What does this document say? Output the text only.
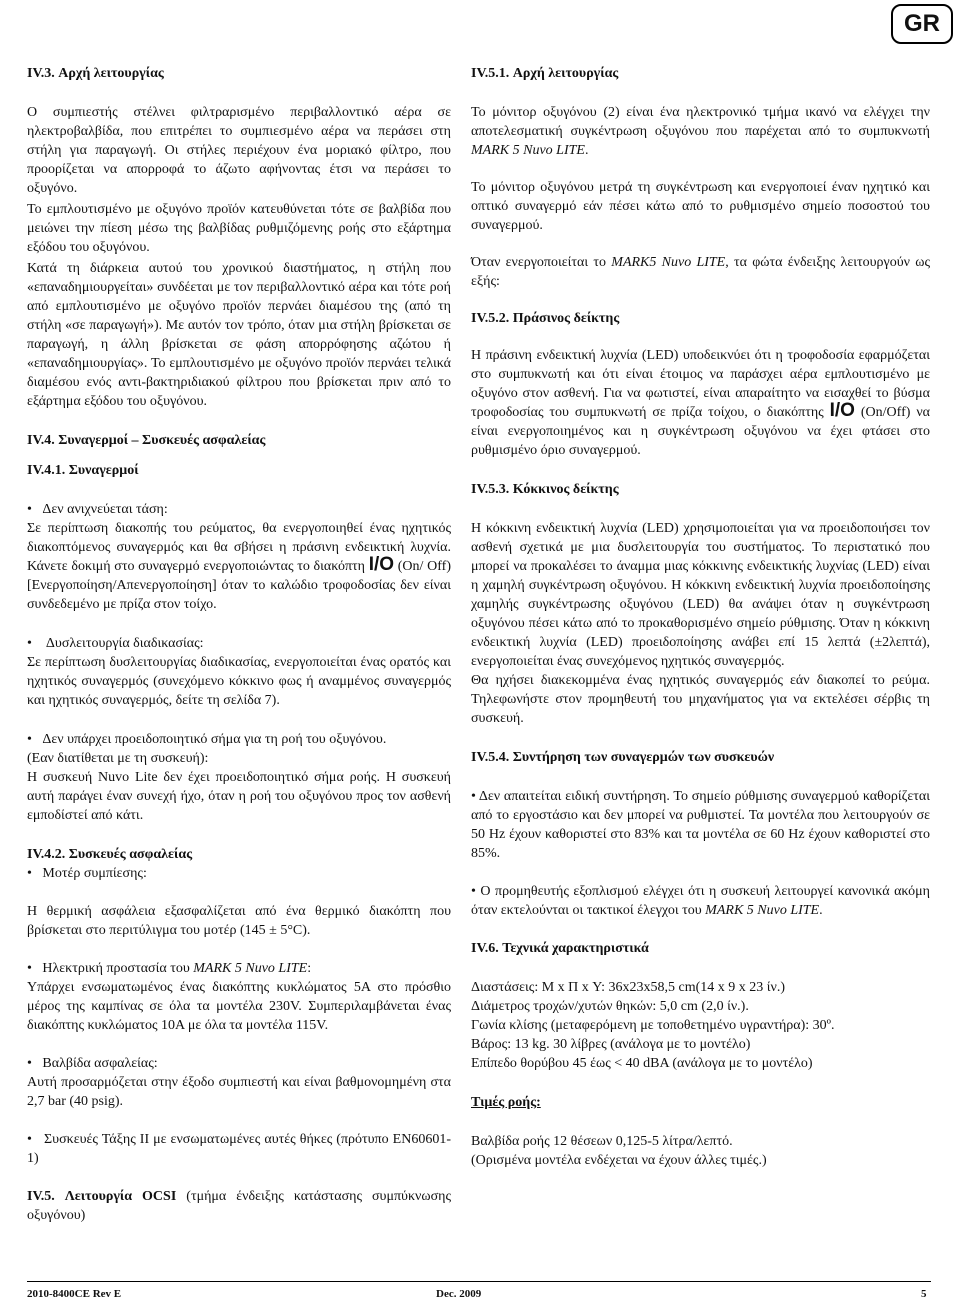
GR
IV.3. Αρχή λειτουργίας

Ο συμπιεστής στέλνει φιλτραρισμένο περιβαλλοντικό αέρα σε ηλεκτροβαλβίδα, που επιτρέπει το συμπιεσμένο αέρα να περάσει στη στήλη για παραγωγή. Οι στήλες περιέχουν ένα μοριακό φίλτρο, που προορίζεται να απορροφά το άζωτο αφήνοντας έτσι να περάσει το οξυγόνο.

Το εμπλουτισμένο με οξυγόνο προϊόν κατευθύνεται τότε σε βαλβίδα που μειώνει την πίεση μέσω της βαλβίδας ρυθμιζόμενης ροής στο εξάρτημα εξόδου του οξυγόνου.

Κατά τη διάρκεια αυτού του χρονικού διαστήματος, η στήλη που «επαναδημιουργείται» συνδέεται με τον περιβαλλοντικό αέρα και τότε ροή από εμπλουτισμένο με οξυγόνο προϊόν περνάει διαμέσου της (από τη στήλη «σε παραγωγή»). Με αυτόν τον τρόπο, όταν μια στήλη βρίσκεται σε παραγωγή, η άλλη βρίσκεται σε φάση απορρόφησης αζώτου ή «επαναδημιουργίας». Το εμπλουτισμένο με οξυγόνο προϊόν περνάει τελικά διαμέσου ενός αντι-βακτηριδιακού φίλτρου που βρίσκεται πριν από το εξάρτημα εξόδου του οξυγόνου.

IV.4. Συναγερμοί – Συσκευές ασφαλείας
IV.4.1. Συναγερμοί

•   Δεν ανιχνεύεται τάση:

Σε περίπτωση διακοπής του ρεύματος, θα ενεργοποιηθεί ένας ηχητικός διακοπτόμενος συναγερμός και θα σβήσει η πράσινη ενδεικτική λυχνία. Κάνετε δοκιμή στο συναγερμό ενεργοποιώντας το διακόπτη I/O (On/ Off) [Ενεργοποίηση/Απενεργοποίηση] όταν το καλώδιο τροφοδοσίας δεν είναι συνδεδεμένο με πρίζα στον τοίχο.

•    Δυσλειτουργία διαδικασίας:

Σε περίπτωση δυσλειτουργίας διαδικασίας, ενεργοποιείται ένας ορατός και ηχητικός συναγερμός (συνεχόμενο κόκκινο φως ή αναμμένος συναγερμός και ηχητικός συναγερμός, δείτε τη σελίδα 7).

•   Δεν υπάρχει προειδοποιητικό σήμα για τη ροή του οξυγόνου.

(Εαν διατίθεται με τη συσκευή):

Η συσκευή Nuvo Lite δεν έχει προειδοποιητικό σήμα ροής. Η συσκευή αυτή παράγει έναν συνεχή ήχο, όταν η ροή του οξυγόνου προς τον ασθενή εμποδίστεί από κάτι.

IV.4.2. Συσκευές ασφαλείας

•   Μοτέρ συμπίεσης:

Η θερμική ασφάλεια εξασφαλίζεται από ένα θερμικό διακόπτη που βρίσκεται στο περιτύλιγμα του μοτέρ (145 ± 5°C).

•   Ηλεκτρική προστασία του MARK 5 Nuvo LITE:

Υπάρχει ενσωματωμένος ένας διακόπτης κυκλώματος 5A στο πρόσθιο μέρος της καμπίνας σε όλα τα μοντέλα 230V. Συμπεριλαμβάνεται ένας διακόπτης κυκλώματος 10A με όλα τα μοντέλα 115V.

•   Βαλβίδα ασφαλείας:

Αυτή προσαρμόζεται στην έξοδο συμπιεστή και είναι βαθμονομημένη στα 2,7 bar (40 psig).

•   Συσκευές Τάξης ΙΙ με ενσωματωμένες αυτές θήκες (πρότυπο EN60601-1)

IV.5. Λειτουργία OCSI (τμήμα ένδειξης κατάστασης συμπύκνωσης οξυγόνου)

IV.5.1. Αρχή λειτουργίας

Το μόνιτορ οξυγόνου (2) είναι ένα ηλεκτρονικό τμήμα ικανό να ελέγχει την αποτελεσματική συγκέντρωση οξυγόνου που παρέχεται από το συμπυκνωτή MARK 5 Nuvo LITE.

Το μόνιτορ οξυγόνου μετρά τη συγκέντρωση και ενεργοποιεί έναν ηχητικό και οπτικό συναγερμό εάν πέσει κάτω από το ρυθμισμένο σημείο ποσοστού του συναγερμού.

Όταν ενεργοποιείται το MARK5 Nuvo LITE, τα φώτα ένδειξης λειτουργούν ως εξής:

IV.5.2. Πράσινος δείκτης

Η πράσινη ενδεικτική λυχνία (LED) υποδεικνύει ότι η τροφοδοσία εφαρμόζεται στο συμπυκνωτή και ότι είναι έτοιμος να παράσχει αέρα εμπλουτισμένο με οξυγόνο στον ασθενή. Για να φωτιστεί, είναι απαραίτητο να εισαχθεί το βύσμα τροφοδοσίας του συμπυκνωτή σε πρίζα τοίχου, ο διακόπτης I/O (On/Off) να είναι ενεργοποιημένος και η συγκέντρωση οξυγόνου να έχει φτάσει στο ρυθμισμένο όριο συναγερμού.

IV.5.3. Κόκκινος δείκτης

Η κόκκινη ενδεικτική λυχνία (LED) χρησιμοποιείται για να προειδοποιήσει τον ασθενή σχετικά με μια δυσλειτουργία του συστήματος. Το περιστατικό που μπορεί να προκαλέσει το άναμμα μιας κόκκινης ενδεικτικής λυχνίας (LED) είναι η χαμηλή συγκέντρωση οξυγόνου. Η κόκκινη ενδεικτική λυχνία προειδοποίησης χαμηλής συγκέντρωσης οξυγόνου (LED) θα ανάψει όταν η συγκέντρωση οξυγόνου πέσει κάτω από το προκαθορισμένο σημείο ρύθμισης. Όταν η κόκκινη ενδεικτική λυχνία (LED) προειδοποίησης ανάβει επί 15 λεπτά (±2λεπτά), ενεργοποιείται ένας συνεχόμενος ηχητικός συναγερμός.

Θα ηχήσει διακεκομμένα ένας ηχητικός συναγερμός εάν διακοπεί το ρεύμα. Τηλεφωνήστε στον προμηθευτή του μηχανήματος για να εκτελέσει σέρβις τη συσκευή.

IV.5.4. Συντήρηση των συναγερμών των συσκευών

• Δεν απαιτείται ειδική συντήρηση. Το σημείο ρύθμισης συναγερμού καθορίζεται από το εργοστάσιο και δεν μπορεί να ρυθμιστεί. Τα μοντέλα που λειτουργούν σε 50 Hz έχουν καθοριστεί στο 83% και τα μοντέλα σε 60 Hz έχουν καθοριστεί στο 85%.

• Ο προμηθευτής εξοπλισμού ελέγχει ότι η συσκευή λειτουργεί κανονικά ακόμη όταν εκτελούνται οι τακτικοί έλεγχοι του MARK 5 Nuvo LITE.

IV.6. Τεχνικά χαρακτηριστικά

Διαστάσεις: Μ x Π x Υ: 36x23x58,5 cm(14 x 9 x 23 ίν.)

Διάμετρος τροχών/χυτών θηκών: 5,0 cm (2,0 ίν.).

Γωνία κλίσης (μεταφερόμενη με τοποθετημένο υγραντήρα): 30º.

Βάρος: 13 kg. 30 λίβρες (ανάλογα με το μοντέλο)

Επίπεδο θορύβου 45 έως < 40 dBA (ανάλογα με το μοντέλο)

Τιμές ροής:

Βαλβίδα ροής 12 θέσεων 0,125-5 λίτρα/λεπτό.

(Ορισμένα μοντέλα ενδέχεται να έχουν άλλες τιμές.)

2010-8400CE Rev E	Dec. 2009	5
